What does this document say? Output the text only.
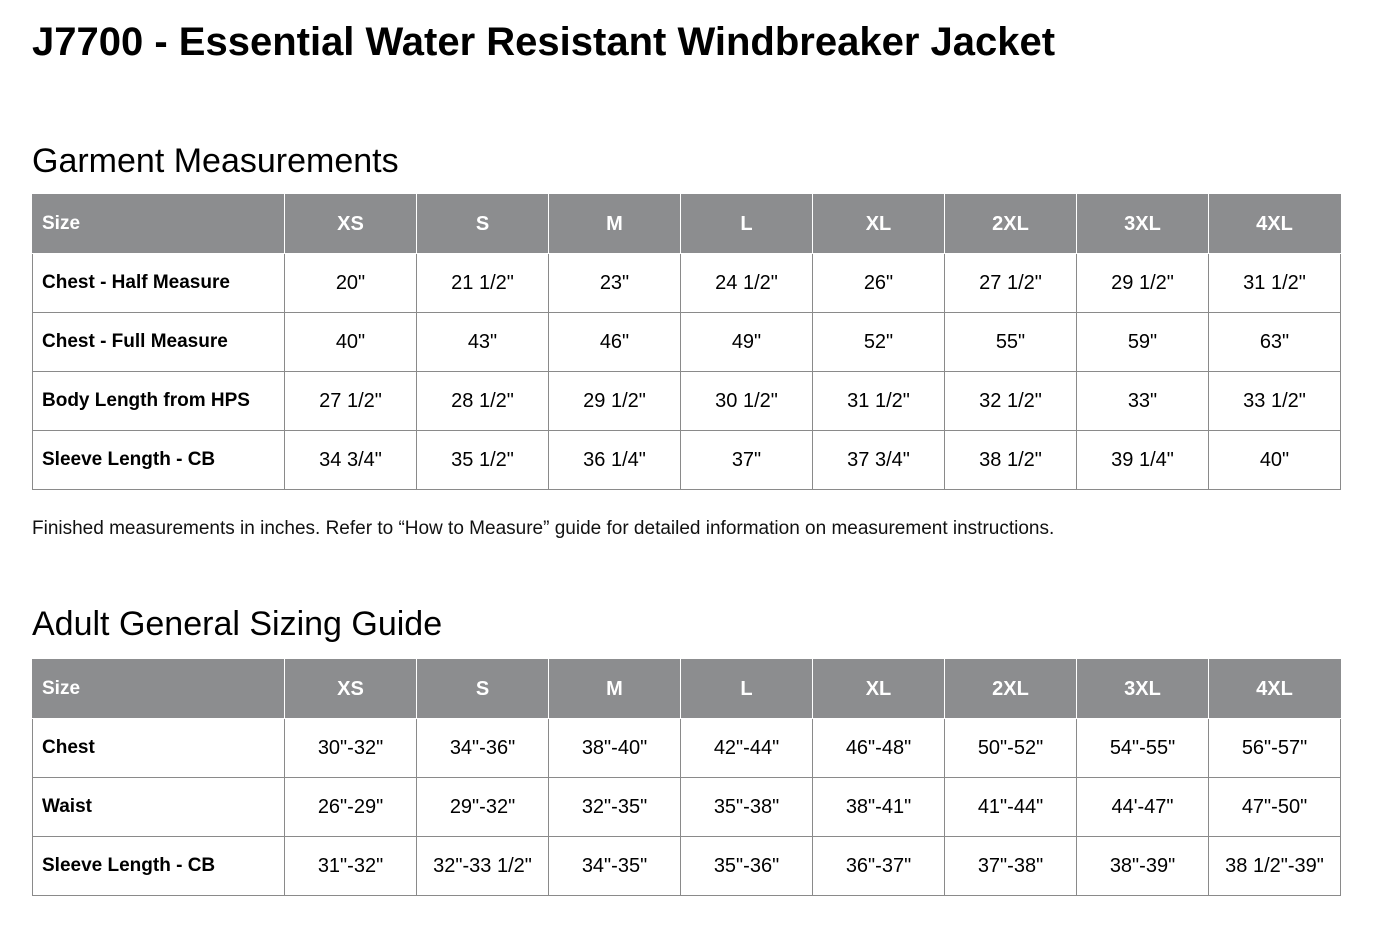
J7700 - Essential Water Resistant Windbreaker Jacket
Garment Measurements
Size	XS	S	M	L	XL	2XL	3XL	4XL
Chest - Half Measure	20"	21 1/2"	23"	24 1/2"	26"	27 1/2"	29 1/2"	31 1/2"
Chest - Full Measure	40"	43"	46"	49"	52"	55"	59"	63"
Body Length from HPS	27 1/2"	28 1/2"	29 1/2"	30 1/2"	31 1/2"	32 1/2"	33"	33 1/2"
Sleeve Length - CB	34 3/4"	35 1/2"	36 1/4"	37"	37 3/4"	38 1/2"	39 1/4"	40"

Finished measurements in inches. Refer to “How to Measure” guide for detailed information on measurement instructions.

Adult General Sizing Guide
Size	XS	S	M	L	XL	2XL	3XL	4XL
Chest	30"-32"	34"-36"	38"-40"	42"-44"	46"-48"	50"-52"	54"-55"	56"-57"
Waist	26"-29"	29"-32"	32"-35"	35"-38"	38"-41"	41"-44"	44'-47"	47"-50"
Sleeve Length - CB	31"-32"	32"-33 1/2"	34"-35"	35"-36"	36"-37"	37"-38"	38"-39"	38 1/2"-39"
